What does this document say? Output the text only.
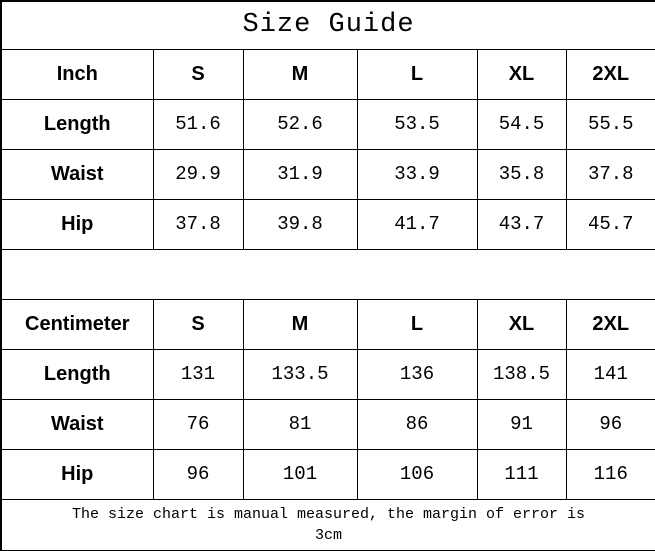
Size Guide					
Inch	S	M	L	XL	2XL
Length	51.6	52.6	53.5	54.5	55.5
Waist	29.9	31.9	33.9	35.8	37.8
Hip	37.8	39.8	41.7	43.7	45.7

Centimeter	S	M	L	XL	2XL
Length	131	133.5	136	138.5	141
Waist	76	81	86	91	96
Hip	96	101	106	111	116

The size chart is manual measured, the margin of error is
3cm					
